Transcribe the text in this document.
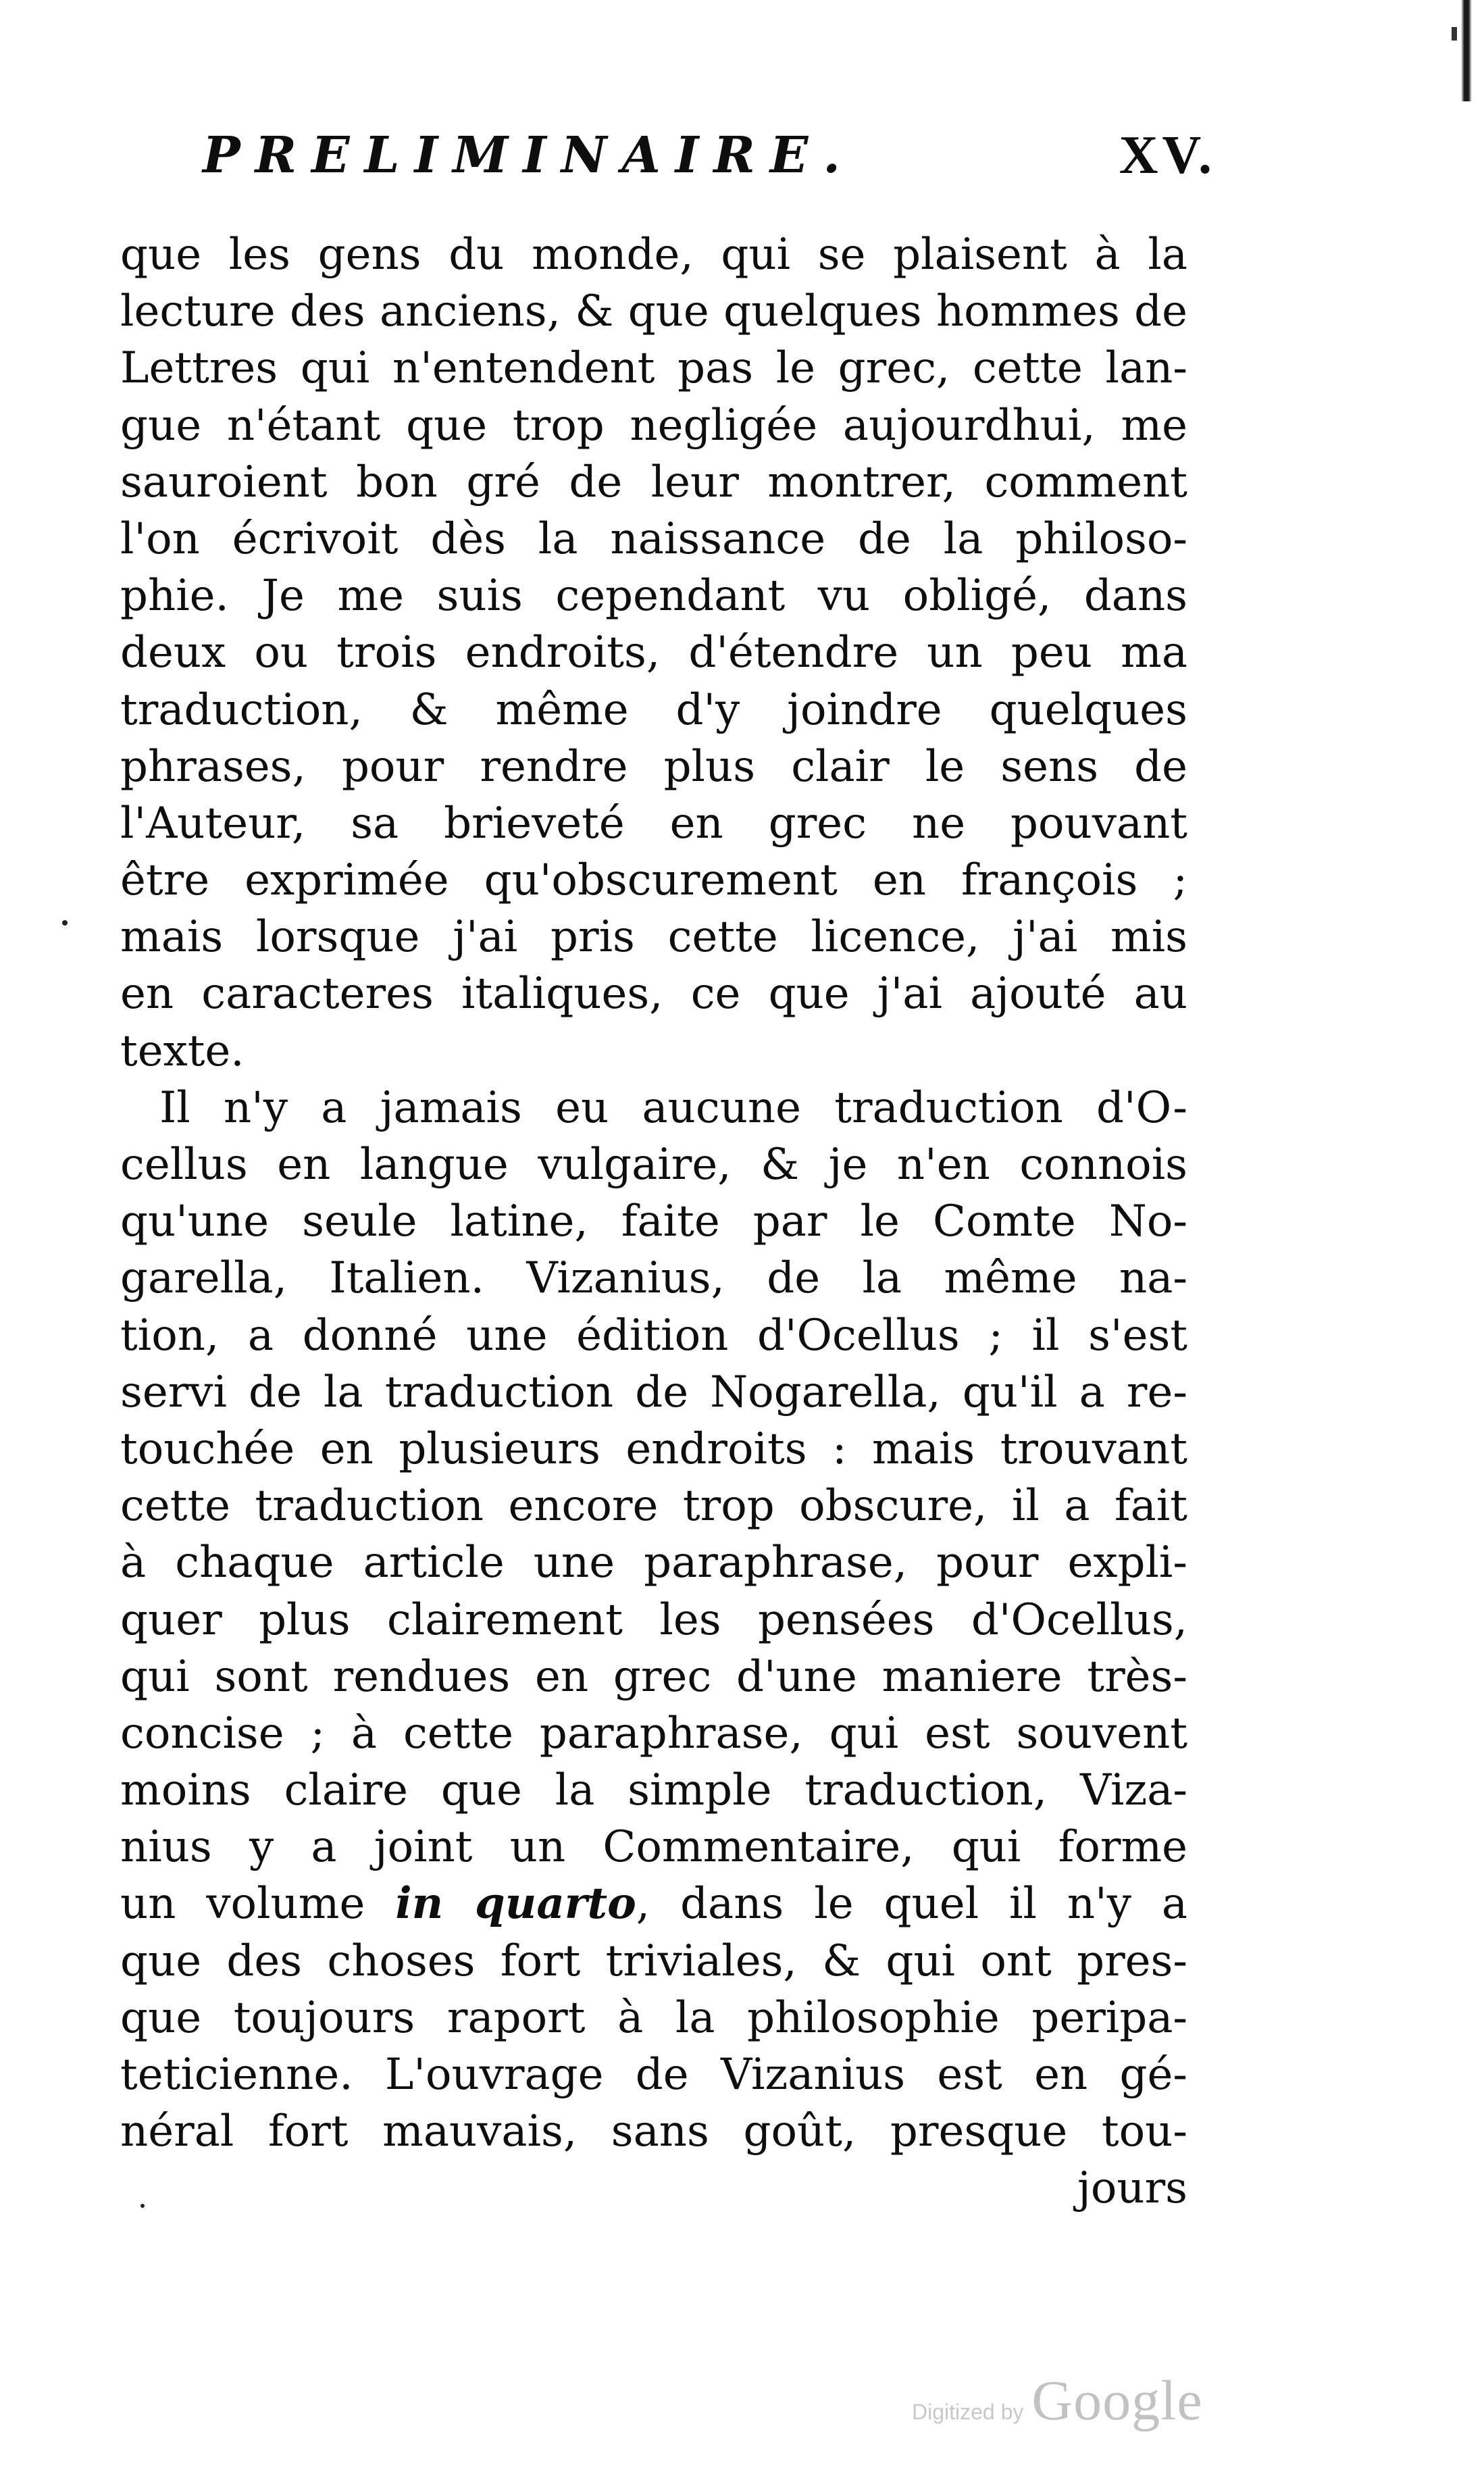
PRELIMINAIRE.	XV.
que les gens du monde, qui se plaisent à la
lecture des anciens, & que quelques hommes de
Lettres qui n'entendent pas le grec, cette lan-
gue n'étant que trop negligée aujourdhui, me
sauroient bon gré de leur montrer, comment
l'on écrivoit dès la naissance de la philoso-
phie. Je me suis cependant vu obligé, dans
deux ou trois endroits, d'étendre un peu ma
traduction, & même d'y joindre quelques
phrases, pour rendre plus clair le sens de
l'Auteur, sa brieveté en grec ne pouvant
être exprimée qu'obscurement en françois ;
mais lorsque j'ai pris cette licence, j'ai mis
en caracteres italiques, ce que j'ai ajouté au
texte.
Il n'y a jamais eu aucune traduction d'O-
cellus en langue vulgaire, & je n'en connois
qu'une seule latine, faite par le Comte No-
garella, Italien. Vizanius, de la même na-
tion, a donné une édition d'Ocellus ; il s'est
servi de la traduction de Nogarella, qu'il a re-
touchée en plusieurs endroits : mais trouvant
cette traduction encore trop obscure, il a fait
à chaque article une paraphrase, pour expli-
quer plus clairement les pensées d'Ocellus,
qui sont rendues en grec d'une maniere très-
concise ; à cette paraphrase, qui est souvent
moins claire que la simple traduction, Viza-
nius y a joint un Commentaire, qui forme
un volume in quarto, dans le quel il n'y a
que des choses fort triviales, & qui ont pres-
que toujours raport à la philosophie peripa-
teticienne. L'ouvrage de Vizanius est en gé-
néral fort mauvais, sans goût, presque tou-
jours
Digitized by Google
